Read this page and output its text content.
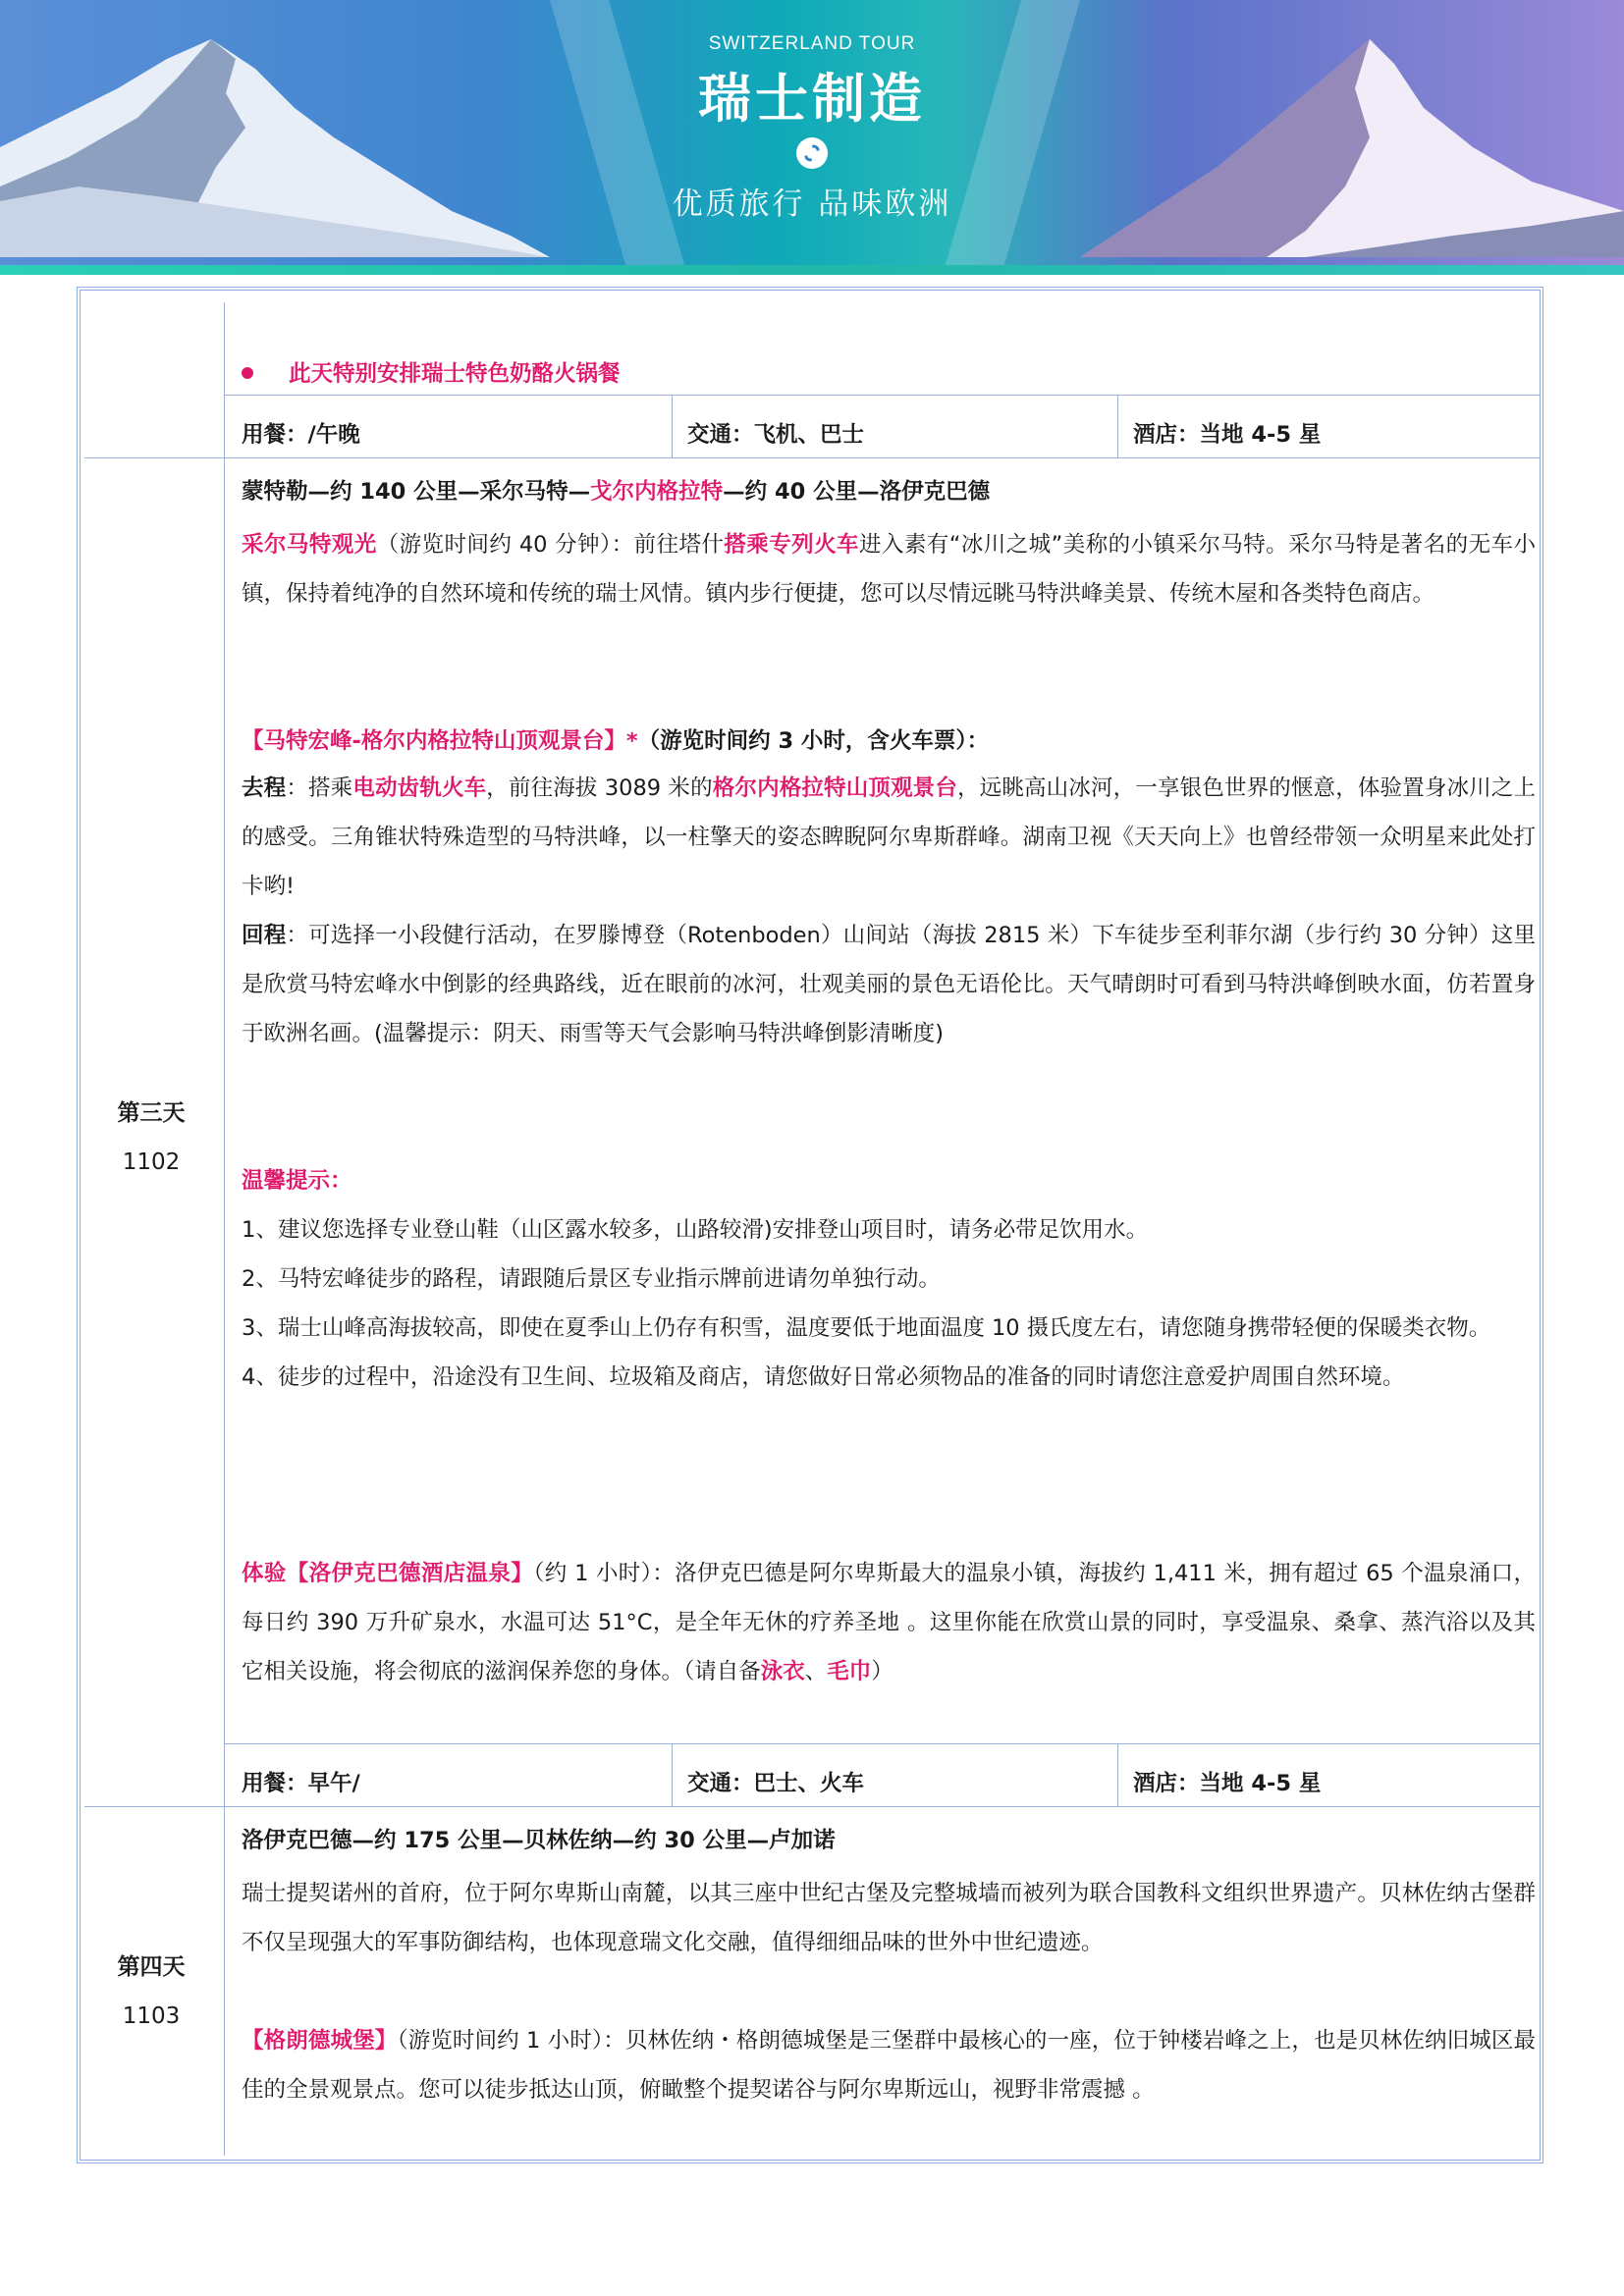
SWITZERLAND TOUR
瑞士制造
优质旅行 品味欧洲
此天特别安排瑞士特色奶酪火锅餐
用餐：/午晚	交通：飞机、巴士	酒店：当地 4-5 星
第三天
1102
蒙特勒—约 140 公里—采尔马特—戈尔内格拉特—约 40 公里—洛伊克巴德
采尔马特观光（游览时间约 40 分钟）：前往塔什搭乘专列火车进入素有“冰川之城”美称的小镇采尔马特。采尔马特是著名的无车小镇，保持着纯净的自然环境和传统的瑞士风情。镇内步行便捷，您可以尽情远眺马特洪峰美景、传统木屋和各类特色商店。
【马特宏峰-格尔内格拉特山顶观景台】*（游览时间约 3 小时，含火车票）：
去程：搭乘电动齿轨火车，前往海拔 3089 米的格尔内格拉特山顶观景台，远眺高山冰河，一享银色世界的惬意，体验置身冰川之上的感受。三角锥状特殊造型的马特洪峰，以一柱擎天的姿态睥睨阿尔卑斯群峰。湖南卫视《天天向上》也曾经带领一众明星来此处打卡哟!
回程：可选择一小段健行活动，在罗滕博登（Rotenboden）山间站（海拔 2815 米）下车徒步至利菲尔湖（步行约 30 分钟）这里是欣赏马特宏峰水中倒影的经典路线，近在眼前的冰河，壮观美丽的景色无语伦比。天气晴朗时可看到马特洪峰倒映水面，仿若置身于欧洲名画。(温馨提示：阴天、雨雪等天气会影响马特洪峰倒影清晰度)
温馨提示：
1、建议您选择专业登山鞋（山区露水较多，山路较滑)安排登山项目时，请务必带足饮用水。
2、马特宏峰徒步的路程，请跟随后景区专业指示牌前进请勿单独行动。
3、瑞士山峰高海拔较高，即使在夏季山上仍存有积雪，温度要低于地面温度 10 摄氏度左右，请您随身携带轻便的保暖类衣物。
4、徒步的过程中，沿途没有卫生间、垃圾箱及商店，请您做好日常必须物品的准备的同时请您注意爱护周围自然环境。
体验【洛伊克巴德酒店温泉】（约 1 小时）：洛伊克巴德是阿尔卑斯最大的温泉小镇，海拔约 1,411 米，拥有超过 65 个温泉涌口，每日约 390 万升矿泉水，水温可达 51°C，是全年无休的疗养圣地 。这里你能在欣赏山景的同时，享受温泉、桑拿、蒸汽浴以及其它相关设施，将会彻底的滋润保养您的身体。（请自备泳衣、毛巾）
用餐：早午/	交通：巴士、火车	酒店：当地 4-5 星
第四天
1103
洛伊克巴德—约 175 公里—贝林佐纳—约 30 公里—卢加诺
瑞士提契诺州的首府，位于阿尔卑斯山南麓，以其三座中世纪古堡及完整城墙而被列为联合国教科文组织世界遗产。贝林佐纳古堡群不仅呈现强大的军事防御结构，也体现意瑞文化交融，值得细细品味的世外中世纪遗迹。
【格朗德城堡】（游览时间约 1 小时）：贝林佐纳・格朗德城堡是三堡群中最核心的一座，位于钟楼岩峰之上，也是贝林佐纳旧城区最佳的全景观景点。您可以徒步抵达山顶，俯瞰整个提契诺谷与阿尔卑斯远山，视野非常震撼 。
